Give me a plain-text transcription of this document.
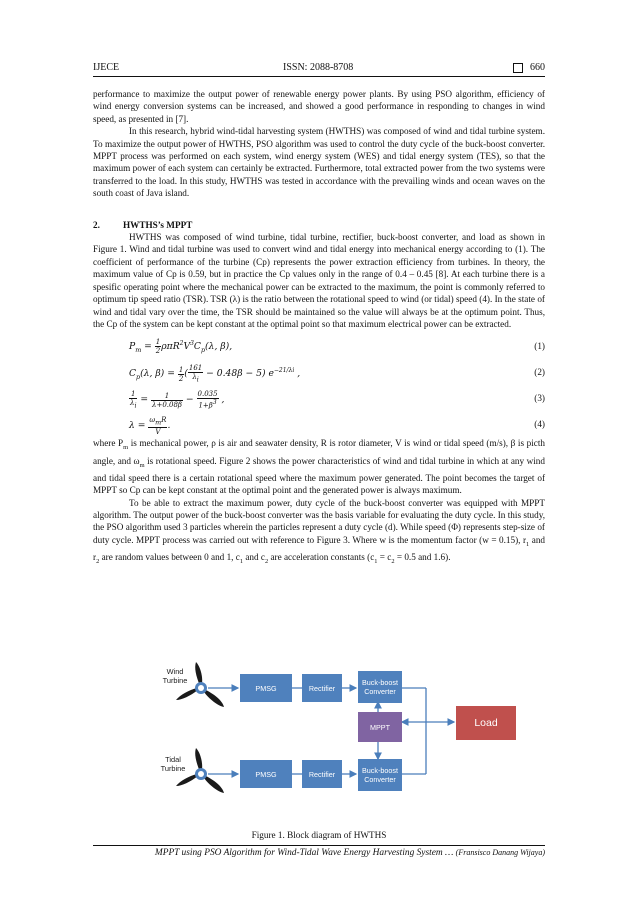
IJECE	ISSN: 2088-8708	660

performance to maximize the output power of renewable energy power plants. By using PSO algorithm, efficiency of wind energy conversion systems can be increased, and showed a good performance in responding to changes in wind speed, as presented in [7].

In this research, hybrid wind-tidal harvesting system (HWTHS) was composed of wind and tidal turbine system. To maximize the output power of HWTHS, PSO algorithm was used to control the duty cycle of the buck-boost converter. MPPT process was performed on each system, wind energy system (WES) and tidal energy system (TES), so that the maximum power of each system can certainly be extracted. Furthermore, total extracted power from the two systems were transferred to the load. In this study, HWTHS was tested in accordance with the prevailing winds and ocean waves on the south coast of Java island.

2.	HWTHS’s MPPT

HWTHS was composed of wind turbine, tidal turbine, rectifier, buck-boost converter, and load as shown in Figure 1. Wind and tidal turbine was used to convert wind and tidal energy into mechanical energy according to (1). The coefficient of performance of the turbine (Cp) represents the power extraction efficiency from turbines. In theory, the maximum value of Cp is 0.59, but in practice the Cp values only in the range of 0.4 – 0.45 [8]. At each turbine there is a spesific operating point where the mechanical power can be extracted to the maximum, the point is commonly referred to optimum tip speed ratio (TSR). TSR (λ) is the ratio between the rotational speed to wind (or tidal) speed (4). In the state of wind and tidal vary over the time, the TSR should be maintained so the value will always be at the optimum point. Thus, the Cp of the system can be kept constant at the optimal point so that maximum electrical power can be extracted.

$P_m = \frac{1}{2} \rho\pi R^2V^3C_p(\lambda$, β),	(1)
$C_p(\lambda$, $\beta) = \frac{1}{2}$ ( $\frac{161}{\lambda i} - 0.48\beta - 5$) $e^{-21/\lambda i}$ ,	(2)
$\frac{1}{\lambda i} = \frac{1}{\lambda+0.08\beta} - \frac{0.035}{1+\beta 3}$ ,	(3)
$\lambda = \frac{\text{ωmR}}{V}$ .	(4)

where $P_m$ is mechanical power, ρ is air and seawater density, R is rotor diameter, V is wind or tidal speed (m/s), β is picth angle, and $\omega_m$ is rotational speed. Figure 2 shows the power characteristics of wind and tidal turbine in which at any wind and tidal speed there is a certain rotational speed where the maximum power generated. The point becomes the target of MPPT so Cp can be kept constant at the optimal point and the generated power is always maximum.

To be able to extract the maximum power, duty cycle of the buck-boost converter was equipped with MPPT algorithm. The output power of the buck-boost converter was the basis variable for evaluating the duty cycle. In this study, the PSO algorithm used 3 particles wherein the particles represent a duty cycle (d). While speed (Φ) represents step-size of duty cycle. MPPT process was carried out with reference to Figure 3. Where w is the momentum factor (w = 0.15), $r_1$ and $r_2$ are random values between 0 and 1, $c_1$ and $c_2$ are acceleration constants ($c_1 = c_2 = 0.5$ and 1.6).

Wind
Turbine
Tidal
Turbine
PMSG	Rectifier
Buck-boost
Converter
MPPT
PMSG	Rectifier	Buck-boost
Converter
Load
Figure 1. Block diagram of HWTHS
MPPT using PSO Algorithm for Wind-Tidal Wave Energy Harvesting System … (Fransisco Danang Wijaya)
